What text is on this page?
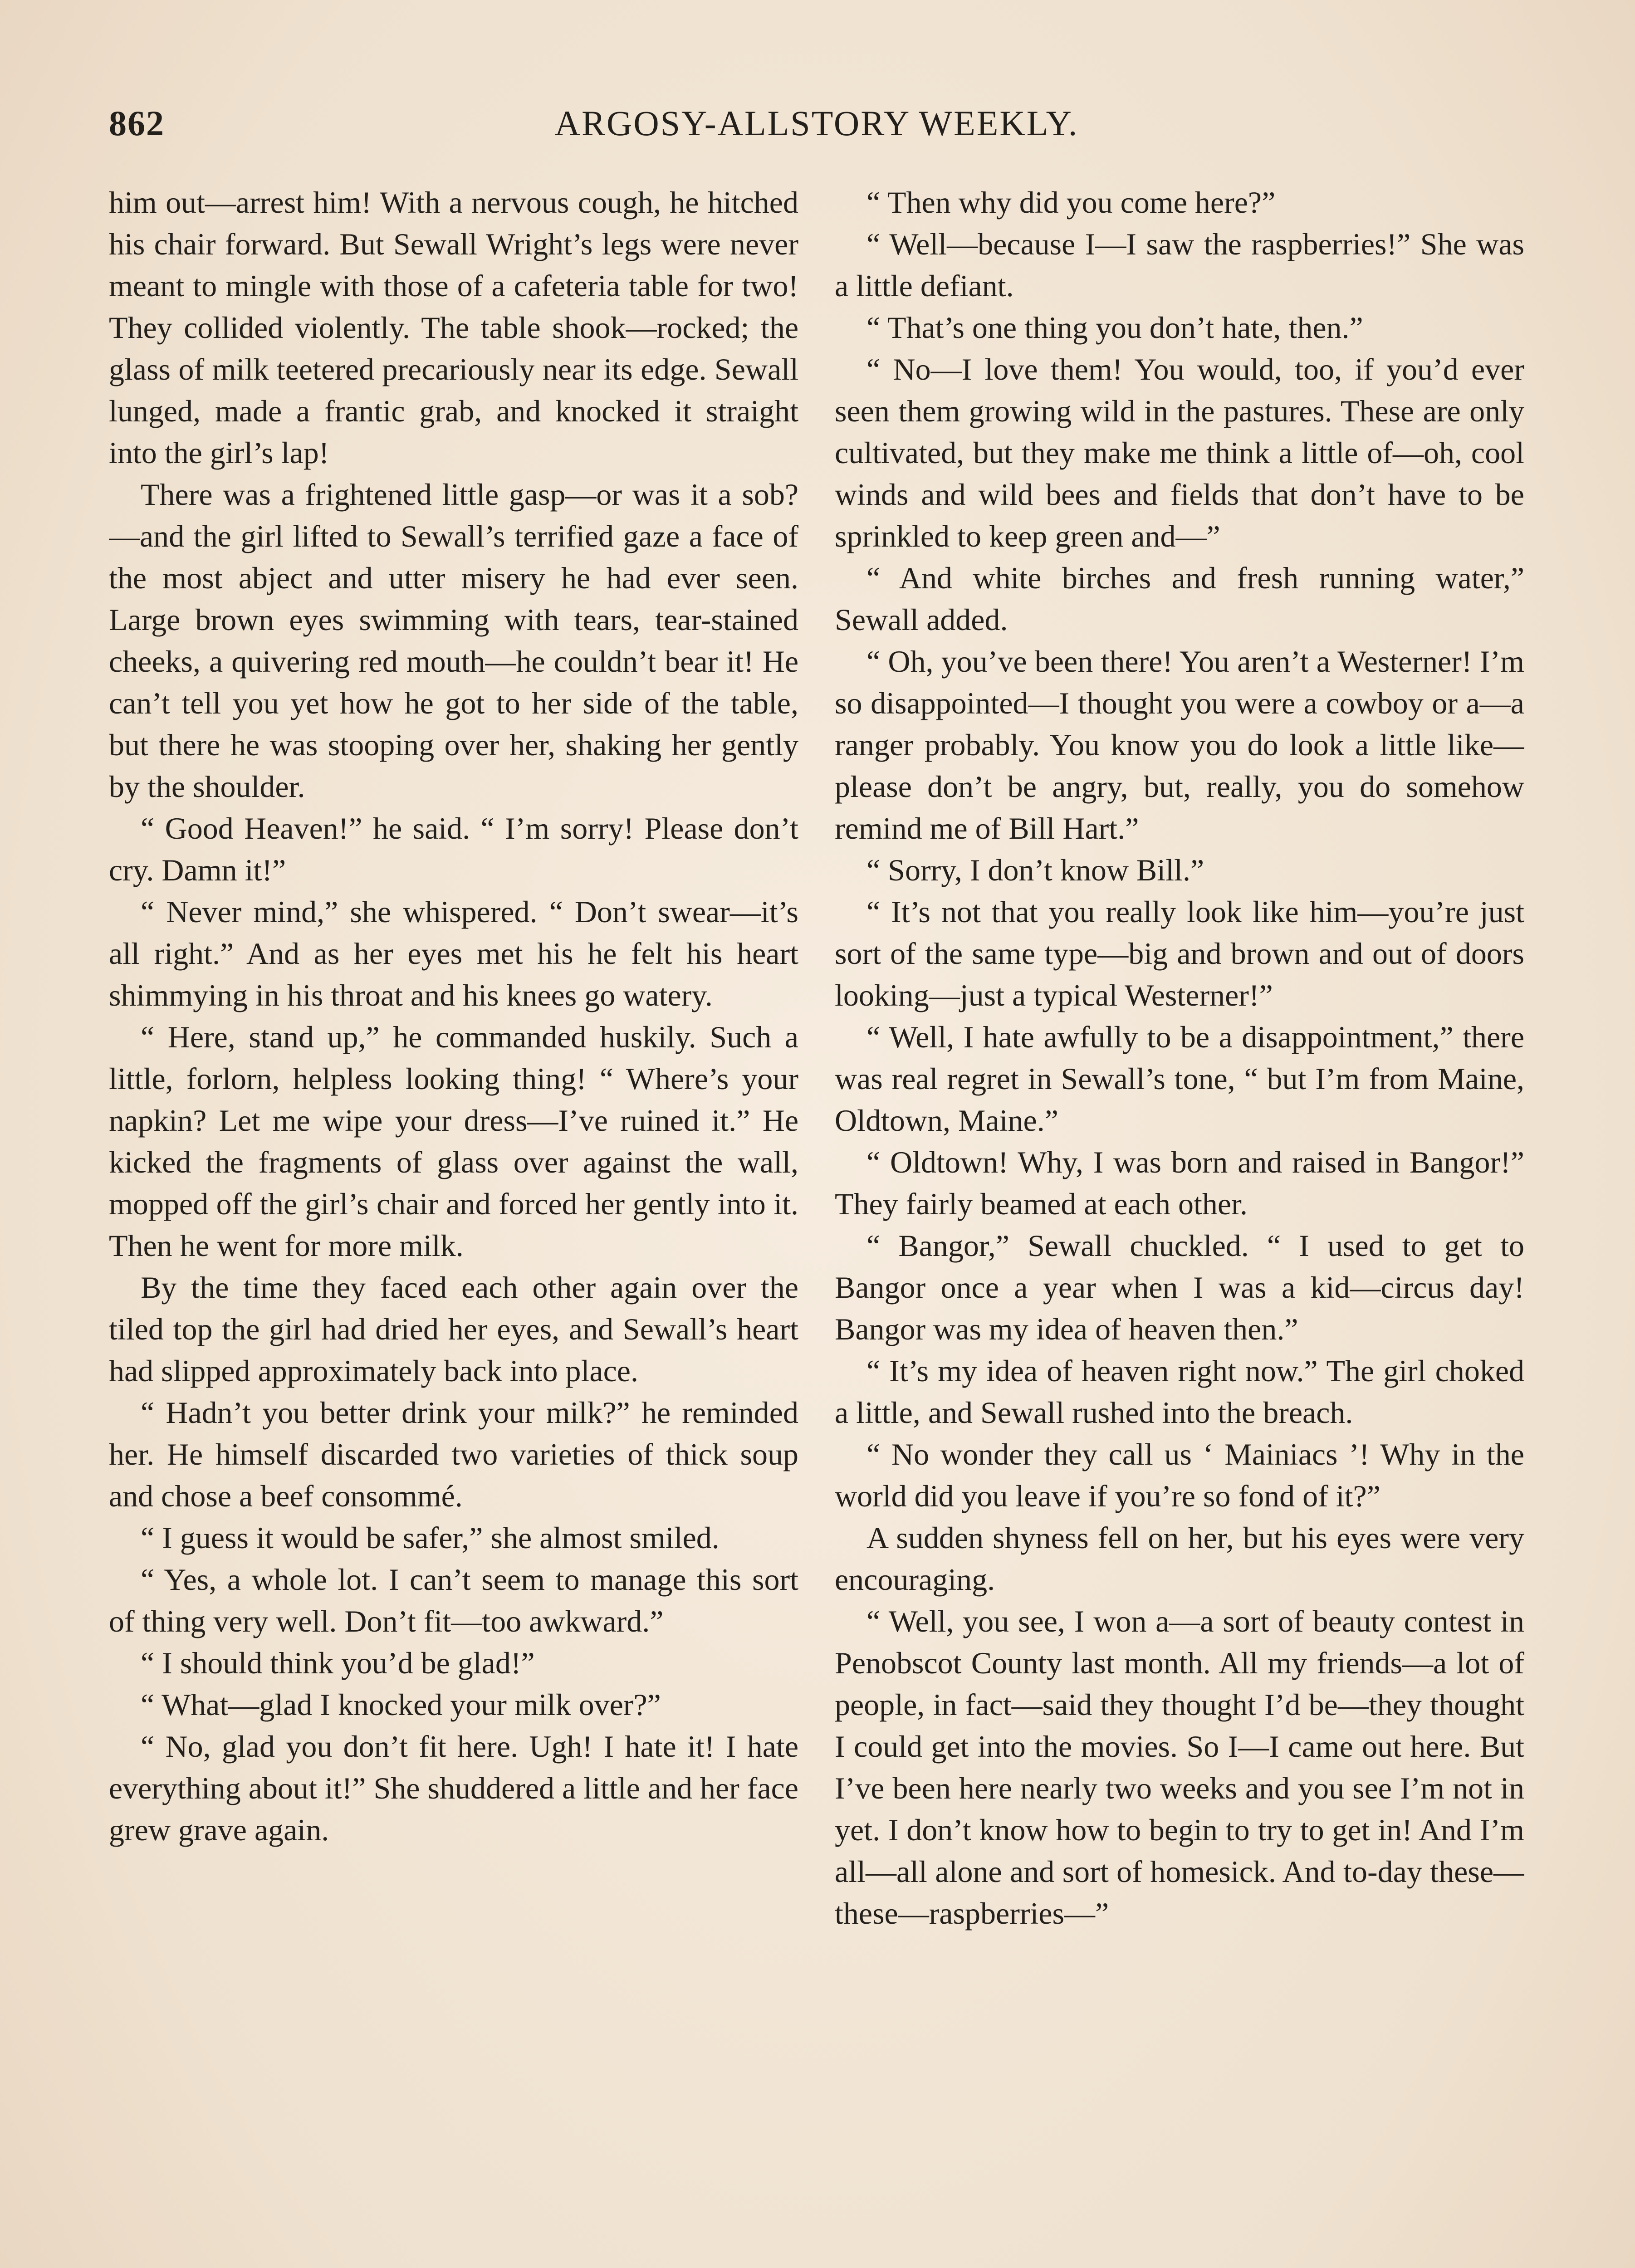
862	ARGOSY-ALLSTORY WEEKLY.

him out—arrest him! With a nervous cough, he hitched his chair forward. But Sewall Wright’s legs were never meant to mingle with those of a cafeteria table for two! They collided violently. The table shook—rocked; the glass of milk teetered precariously near its edge. Sewall lunged, made a frantic grab, and knocked it straight into the girl’s lap!

There was a frightened little gasp—or was it a sob?—and the girl lifted to Sewall’s terrified gaze a face of the most abject and utter misery he had ever seen. Large brown eyes swimming with tears, tear-stained cheeks, a quivering red mouth—he couldn’t bear it! He can’t tell you yet how he got to her side of the table, but there he was stooping over her, shaking her gently by the shoulder.

“ Good Heaven!” he said. “ I’m sorry! Please don’t cry. Damn it!”

“ Never mind,” she whispered. “ Don’t swear—it’s all right.” And as her eyes met his he felt his heart shimmying in his throat and his knees go watery.

“ Here, stand up,” he commanded huskily. Such a little, forlorn, helpless looking thing! “ Where’s your napkin? Let me wipe your dress—I’ve ruined it.” He kicked the fragments of glass over against the wall, mopped off the girl’s chair and forced her gently into it. Then he went for more milk.

By the time they faced each other again over the tiled top the girl had dried her eyes, and Sewall’s heart had slipped approximately back into place.

“ Hadn’t you better drink your milk?” he reminded her. He himself discarded two varieties of thick soup and chose a beef consommé.

“ I guess it would be safer,” she almost smiled.

“ Yes, a whole lot. I can’t seem to manage this sort of thing very well. Don’t fit—too awkward.”

“ I should think you’d be glad!”

“ What—glad I knocked your milk over?”

“ No, glad you don’t fit here. Ugh! I hate it! I hate everything about it!” She shuddered a little and her face grew grave again.

“ Then why did you come here?”

“ Well—because I—I saw the raspberries!” She was a little defiant.

“ That’s one thing you don’t hate, then.”

“ No—I love them! You would, too, if you’d ever seen them growing wild in the pastures. These are only cultivated, but they make me think a little of—oh, cool winds and wild bees and fields that don’t have to be sprinkled to keep green and—”

“ And white birches and fresh running water,” Sewall added.

“ Oh, you’ve been there! You aren’t a Westerner! I’m so disappointed—I thought you were a cowboy or a—a ranger probably. You know you do look a little like—please don’t be angry, but, really, you do somehow remind me of Bill Hart.”

“ Sorry, I don’t know Bill.”

“ It’s not that you really look like him—you’re just sort of the same type—big and brown and out of doors looking—just a typical Westerner!”

“ Well, I hate awfully to be a disappointment,” there was real regret in Sewall’s tone, “ but I’m from Maine, Oldtown, Maine.”

“ Oldtown! Why, I was born and raised in Bangor!” They fairly beamed at each other.

“ Bangor,” Sewall chuckled. “ I used to get to Bangor once a year when I was a kid—circus day! Bangor was my idea of heaven then.”

“ It’s my idea of heaven right now.” The girl choked a little, and Sewall rushed into the breach.

“ No wonder they call us ‘ Mainiacs ’! Why in the world did you leave if you’re so fond of it?”

A sudden shyness fell on her, but his eyes were very encouraging.

“ Well, you see, I won a—a sort of beauty contest in Penobscot County last month. All my friends—a lot of people, in fact—said they thought I’d be—they thought I could get into the movies. So I—I came out here. But I’ve been here nearly two weeks and you see I’m not in yet. I don’t know how to begin to try to get in! And I’m all—all alone and sort of homesick. And to-day these—these—raspberries—”
